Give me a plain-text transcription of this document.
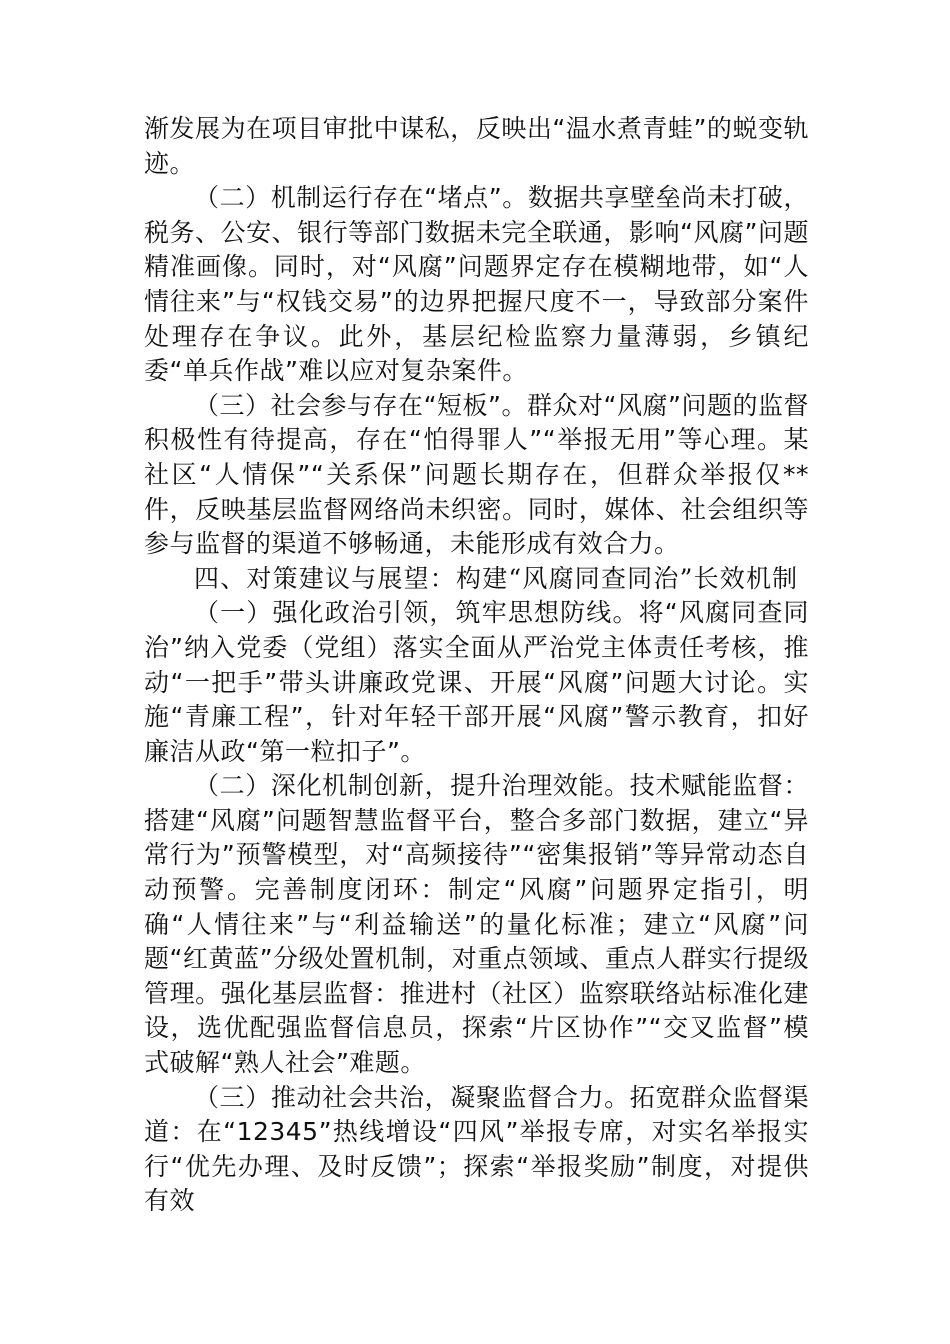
渐发展为在项目审批中谋私，反映出“温水煮青蛙”的蜕变轨迹。

（二）机制运行存在“堵点”。数据共享壁垒尚未打破，税务、公安、银行等部门数据未完全联通，影响“风腐”问题精准画像。同时，对“风腐”问题界定存在模糊地带，如“人情往来”与“权钱交易”的边界把握尺度不一，导致部分案件处理存在争议。此外，基层纪检监察力量薄弱，乡镇纪委“单兵作战”难以应对复杂案件。

（三）社会参与存在“短板”。群众对“风腐”问题的监督积极性有待提高，存在“怕得罪人”“举报无用”等心理。某社区“人情保”“关系保”问题长期存在，但群众举报仅**件，反映基层监督网络尚未织密。同时，媒体、社会组织等参与监督的渠道不够畅通，未能形成有效合力。

四、对策建议与展望：构建“风腐同查同治”长效机制

（一）强化政治引领，筑牢思想防线。将“风腐同查同治”纳入党委（党组）落实全面从严治党主体责任考核，推动“一把手”带头讲廉政党课、开展“风腐”问题大讨论。实施“青廉工程”，针对年轻干部开展“风腐”警示教育，扣好廉洁从政“第一粒扣子”。

（二）深化机制创新，提升治理效能。技术赋能监督：搭建“风腐”问题智慧监督平台，整合多部门数据，建立“异常行为”预警模型，对“高频接待”“密集报销”等异常动态自动预警。完善制度闭环：制定“风腐”问题界定指引，明确“人情往来”与“利益输送”的量化标准；建立“风腐”问题“红黄蓝”分级处置机制，对重点领域、重点人群实行提级管理。强化基层监督：推进村（社区）监察联络站标准化建设，选优配强监督信息员，探索“片区协作”“交叉监督”模式破解“熟人社会”难题。

（三）推动社会共治，凝聚监督合力。拓宽群众监督渠道：在“12345”热线增设“四风”举报专席，对实名举报实行“优先办理、及时反馈”；探索“举报奖励”制度，对提供有效
